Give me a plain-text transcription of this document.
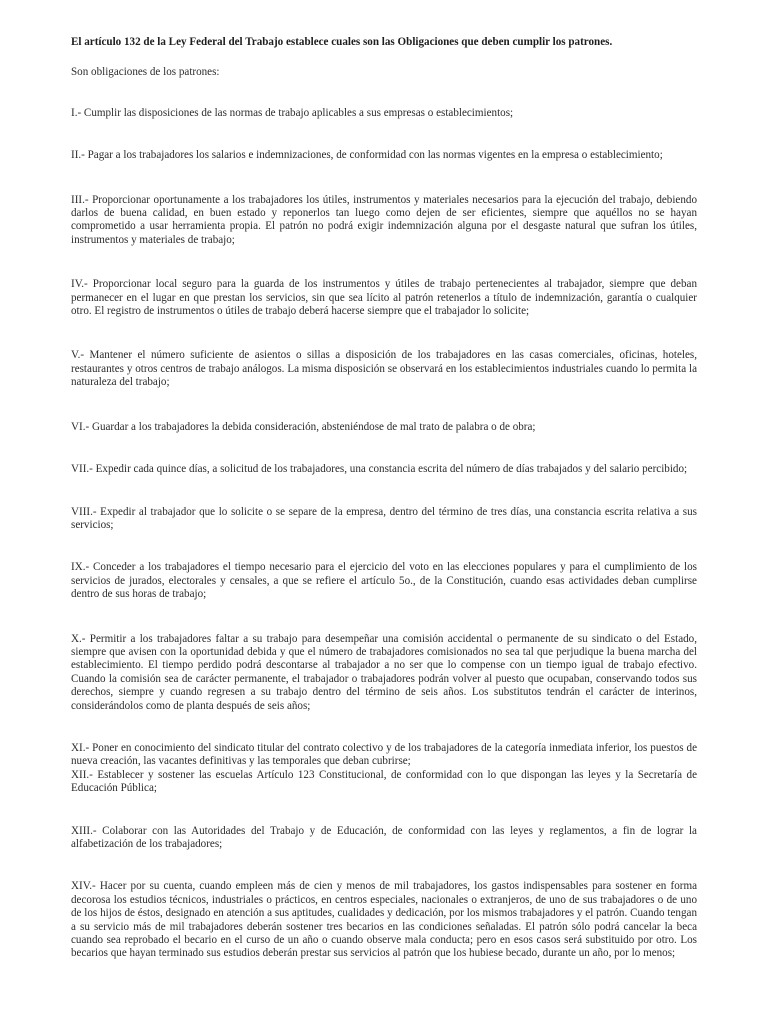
El artículo 132 de la Ley Federal del Trabajo establece cuales son las Obligaciones que deben cumplir los patrones.

Son obligaciones de los patrones:

I.- Cumplir las disposiciones de las normas de trabajo aplicables a sus empresas o establecimientos;

II.- Pagar a los trabajadores los salarios e indemnizaciones, de conformidad con las normas vigentes en la empresa o establecimiento;

III.- Proporcionar oportunamente a los trabajadores los útiles, instrumentos y materiales necesarios para la ejecución del trabajo, debiendo darlos de buena calidad, en buen estado y reponerlos tan luego como dejen de ser eficientes, siempre que aquéllos no se hayan comprometido a usar herramienta propia. El patrón no podrá exigir indemnización alguna por el desgaste natural que sufran los útiles, instrumentos y materiales de trabajo;

IV.- Proporcionar local seguro para la guarda de los instrumentos y útiles de trabajo pertenecientes al trabajador, siempre que deban permanecer en el lugar en que prestan los servicios, sin que sea lícito al patrón retenerlos a título de indemnización, garantía o cualquier otro. El registro de instrumentos o útiles de trabajo deberá hacerse siempre que el trabajador lo solicite;

V.- Mantener el número suficiente de asientos o sillas a disposición de los trabajadores en las casas comerciales, oficinas, hoteles, restaurantes y otros centros de trabajo análogos. La misma disposición se observará en los establecimientos industriales cuando lo permita la naturaleza del trabajo;

VI.- Guardar a los trabajadores la debida consideración, absteniéndose de mal trato de palabra o de obra;

VII.- Expedir cada quince días, a solicitud de los trabajadores, una constancia escrita del número de días trabajados y del salario percibido;

VIII.- Expedir al trabajador que lo solicite o se separe de la empresa, dentro del término de tres días, una constancia escrita relativa a sus servicios;

IX.- Conceder a los trabajadores el tiempo necesario para el ejercicio del voto en las elecciones populares y para el cumplimiento de los servicios de jurados, electorales y censales, a que se refiere el artículo 5o., de la Constitución, cuando esas actividades deban cumplirse dentro de sus horas de trabajo;

X.- Permitir a los trabajadores faltar a su trabajo para desempeñar una comisión accidental o permanente de su sindicato o del Estado, siempre que avisen con la oportunidad debida y que el número de trabajadores comisionados no sea tal que perjudique la buena marcha del establecimiento. El tiempo perdido podrá descontarse al trabajador a no ser que lo compense con un tiempo igual de trabajo efectivo. Cuando la comisión sea de carácter permanente, el trabajador o trabajadores podrán volver al puesto que ocupaban, conservando todos sus derechos, siempre y cuando regresen a su trabajo dentro del término de seis años. Los substitutos tendrán el carácter de interinos, considerándolos como de planta después de seis años;

XI.- Poner en conocimiento del sindicato titular del contrato colectivo y de los trabajadores de la categoría inmediata inferior, los puestos de nueva creación, las vacantes definitivas y las temporales que deban cubrirse;

XII.- Establecer y sostener las escuelas Artículo 123 Constitucional, de conformidad con lo que dispongan las leyes y la Secretaría de Educación Pública;

XIII.- Colaborar con las Autoridades del Trabajo y de Educación, de conformidad con las leyes y reglamentos, a fin de lograr la alfabetización de los trabajadores;

XIV.- Hacer por su cuenta, cuando empleen más de cien y menos de mil trabajadores, los gastos indispensables para sostener en forma decorosa los estudios técnicos, industriales o prácticos, en centros especiales, nacionales o extranjeros, de uno de sus trabajadores o de uno de los hijos de éstos, designado en atención a sus aptitudes, cualidades y dedicación, por los mismos trabajadores y el patrón. Cuando tengan a su servicio más de mil trabajadores deberán sostener tres becarios en las condiciones señaladas. El patrón sólo podrá cancelar la beca cuando sea reprobado el becario en el curso de un año o cuando observe mala conducta; pero en esos casos será substituido por otro. Los becarios que hayan terminado sus estudios deberán prestar sus servicios al patrón que los hubiese becado, durante un año, por lo menos;
